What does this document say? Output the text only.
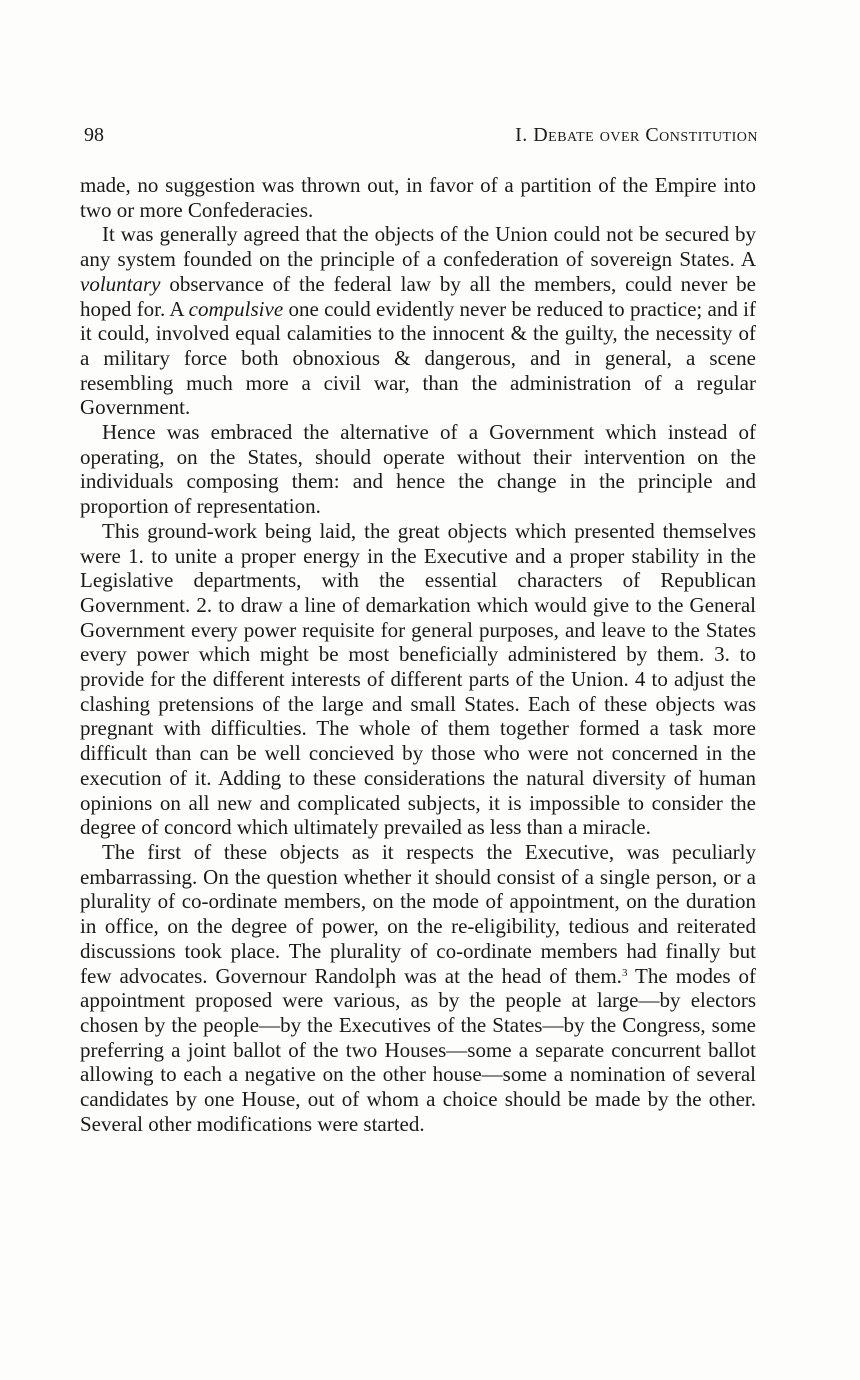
98	I. Debate over Constitution

made, no suggestion was thrown out, in favor of a partition of the Empire into two or more Confederacies.

It was generally agreed that the objects of the Union could not be secured by any system founded on the principle of a confederation of sovereign States. A voluntary observance of the federal law by all the members, could never be hoped for. A compulsive one could evidently never be reduced to practice; and if it could, involved equal calamities to the innocent & the guilty, the necessity of a military force both obnoxious & dangerous, and in general, a scene resembling much more a civil war, than the administration of a regular Government.

Hence was embraced the alternative of a Government which instead of operating, on the States, should operate without their intervention on the individuals composing them: and hence the change in the principle and proportion of representation.

This ground-work being laid, the great objects which presented themselves were 1. to unite a proper energy in the Executive and a proper stability in the Legislative departments, with the essential characters of Republican Government. 2. to draw a line of demarkation which would give to the General Government every power requisite for general purposes, and leave to the States every power which might be most beneficially administered by them. 3. to provide for the different interests of different parts of the Union. 4 to adjust the clashing pretensions of the large and small States. Each of these objects was pregnant with difficulties. The whole of them together formed a task more difficult than can be well concieved by those who were not concerned in the execution of it. Adding to these considerations the natural diversity of human opinions on all new and complicated subjects, it is impossible to consider the degree of concord which ultimately prevailed as less than a miracle.

The first of these objects as it respects the Executive, was peculiarly embarrassing. On the question whether it should consist of a single person, or a plurality of co-ordinate members, on the mode of appointment, on the duration in office, on the degree of power, on the re-eligibility, tedious and reiterated discussions took place. The plurality of co-ordinate members had finally but few advocates. Governour Randolph was at the head of them.$^3$ The modes of appointment proposed were various, as by the people at large—by electors chosen by the people—by the Executives of the States—by the Congress, some preferring a joint ballot of the two Houses—some a separate concurrent ballot allowing to each a negative on the other house—some a nomination of several candidates by one House, out of whom a choice should be made by the other. Several other modifications were started.
